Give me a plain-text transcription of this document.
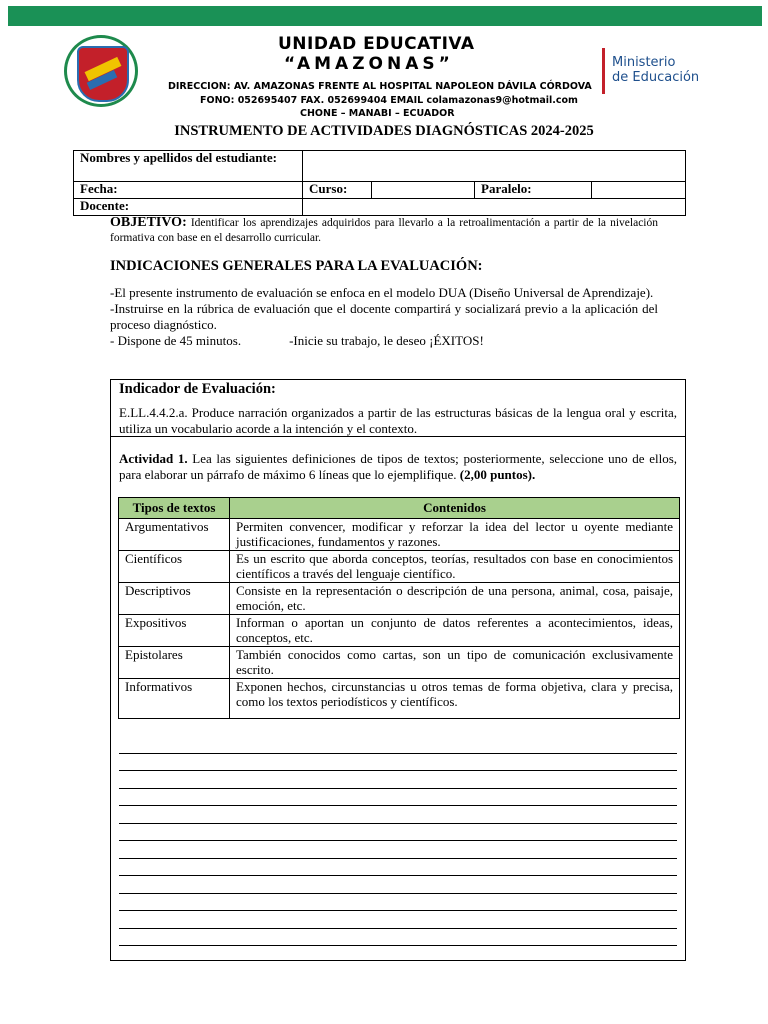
UNIDAD EDUCATIVA
“AMAZONAS”
DIRECCION: AV. AMAZONAS FRENTE AL HOSPITAL NAPOLEON DÁVILA CÓRDOVA
FONO: 052695407 FAX. 052699404 EMAIL colamazonas9@hotmail.com
CHONE – MANABI – ECUADOR
Ministerio
de Educación
INSTRUMENTO DE ACTIVIDADES DIAGNÓSTICAS 2024-2025
Nombres y apellidos del estudiante:				

Fecha:	Curso:		Paralelo:	
Docente:				
OBJETIVO: Identificar los aprendizajes adquiridos para llevarlo a la retroalimentación a partir de la nivelación formativa con base en el desarrollo curricular.
INDICACIONES GENERALES PARA LA EVALUACIÓN:

-El presente instrumento de evaluación se enfoca en el modelo DUA (Diseño Universal de Aprendizaje).

-Instruirse en la rúbrica de evaluación que el docente compartirá y socializará previo a la aplicación del proceso diagnóstico.

- Dispone de 45 minutos.	-Inicie su trabajo, le deseo ¡ÉXITOS!

Indicador de Evaluación:
E.LL.4.4.2.a. Produce narración organizados a partir de las estructuras básicas de la lengua oral y escrita, utiliza un vocabulario acorde a la intención y el contexto.
Actividad 1. Lea las siguientes definiciones de tipos de textos; posteriormente, seleccione uno de ellos, para elaborar un párrafo de máximo 6 líneas que lo ejemplifique. (2,00 puntos).
Tipos de textos	Contenidos
Argumentativos	Permiten convencer, modificar y reforzar la idea del lector u oyente mediante justificaciones, fundamentos y razones.
Científicos	Es un escrito que aborda conceptos, teorías, resultados con base en conocimientos científicos a través del lenguaje científico.
Descriptivos	Consiste en la representación o descripción de una persona, animal, cosa, paisaje, emoción, etc.
Expositivos	Informan o aportan un conjunto de datos referentes a acontecimientos, ideas, conceptos, etc.
Epistolares	También conocidos como cartas, son un tipo de comunicación exclusivamente escrito.
Informativos	Exponen hechos, circunstancias u otros temas de forma objetiva, clara y precisa, como los textos periodísticos y científicos.
